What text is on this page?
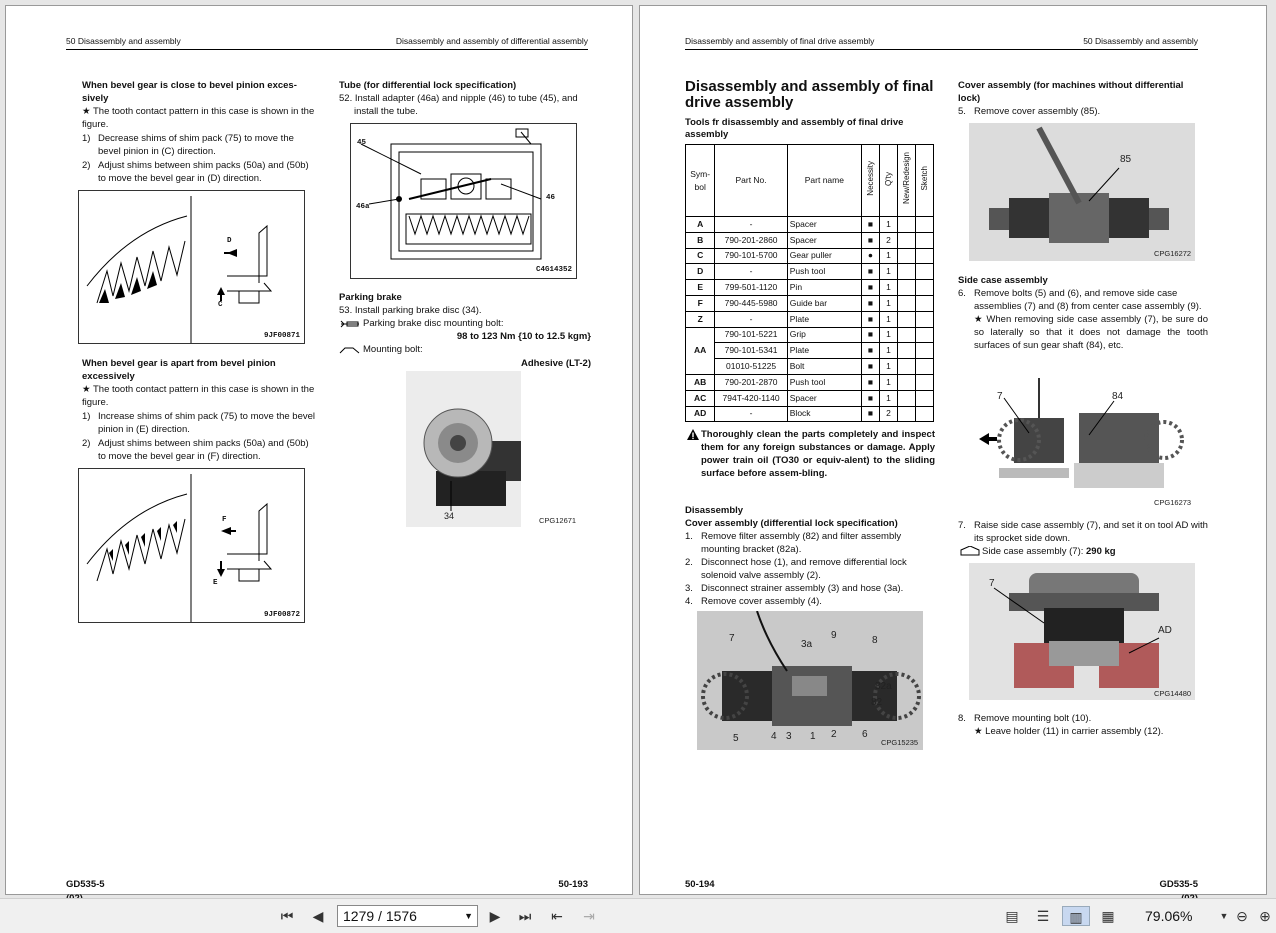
50 Disassembly and assembly	Disassembly and assembly of differential assembly
When bevel gear is close to bevel pinion exces-sively
★ The tooth contact pattern in this case is shown in the figure.
1) Decrease shims of shim pack (75) to move the bevel pinion in (C) direction.
2) Adjust shims between shim packs (50a) and (50b) to move the bevel gear in (D) direction.
D
C
9JF00871
When bevel gear is apart from bevel pinion excessively
★ The tooth contact pattern in this case is shown in the figure.
1) Increase shims of shim pack (75) to move the bevel pinion in (E) direction.
2) Adjust shims between shim packs (50a) and (50b) to move the bevel gear in (F) direction.
F
E
9JF00872
Tube (for differential lock specification)
52. Install adapter (46a) and nipple (46) to tube (45), and install the tube.
45
46a
46
C4G14352
Parking brake
53. Install parking brake disc (34).
Parking brake disc mounting bolt:
98 to 123 Nm {10 to 12.5 kgm}
Mounting bolt:
Adhesive (LT-2)
34	CPG12671
GD535-5	50-193
Disassembly and assembly of final drive assembly	50 Disassembly and assembly
Disassembly and assembly of final drive assembly
Tools fr disassembly and assembly of final drive assembly
Sym-bol	Part No.	Part name	Necessity	Q'ty	New/Redesign	Sketch
A	-	Spacer	■	1		
B	790-201-2860	Spacer	■	2		
C	790-101-5700	Gear puller	●	1		
D	-	Push tool	■	1		
E	799-501-1120	Pin	■	1		
F	790-445-5980	Guide bar	■	1		
Z	-	Plate	■	1		
AA	790-101-5221	Grip	■	1		
	790-101-5341	Plate	■	1		
	01010-51225	Bolt	■	1		
AB	790-201-2870	Push tool	■	1		
AC	794T-420-1140	Spacer	■	1		
AD	-	Block	■	2		
Thoroughly clean the parts completely and inspect them for any foreign substances or damage. Apply power train oil (TO30 or equiv-alent) to the sliding surface before assem-bling.
Disassembly
Cover assembly (differential lock specification)
1. Remove filter assembly (82) and filter assembly mounting bracket (82a).
2. Disconnect hose (1), and remove differential lock solenoid valve assembly (2).
3. Disconnect strainer assembly (3) and hose (3a).
4. Remove cover assembly (4).
7
3a
9	8
82a
82
5	4 3 1 2	6
CPG15235
Cover assembly (for machines without differential lock)
5. Remove cover assembly (85).
85
CPG16272
Side case assembly
6. Remove bolts (5) and (6), and remove side case assemblies (7) and (8) from center case assembly (9).
★ When removing side case assembly (7), be sure do so laterally so that it does not damage the tooth surfaces of sun gear shaft (84), etc.
7	84
CPG16273
7. Raise side case assembly (7), and set it on tool AD with its sprocket side down.
Side case assembly (7): 290 kg
7
AD
CPG14480
8. Remove mounting bolt (10).
★ Leave holder (11) in carrier assembly (12).
50-194	GD535-5

⏮	◀	1279 / 1576	▼	▶	⏭	⇤	⇥	▤	☰	▥	▦	79.06%	▼ ⊖ ⊕
